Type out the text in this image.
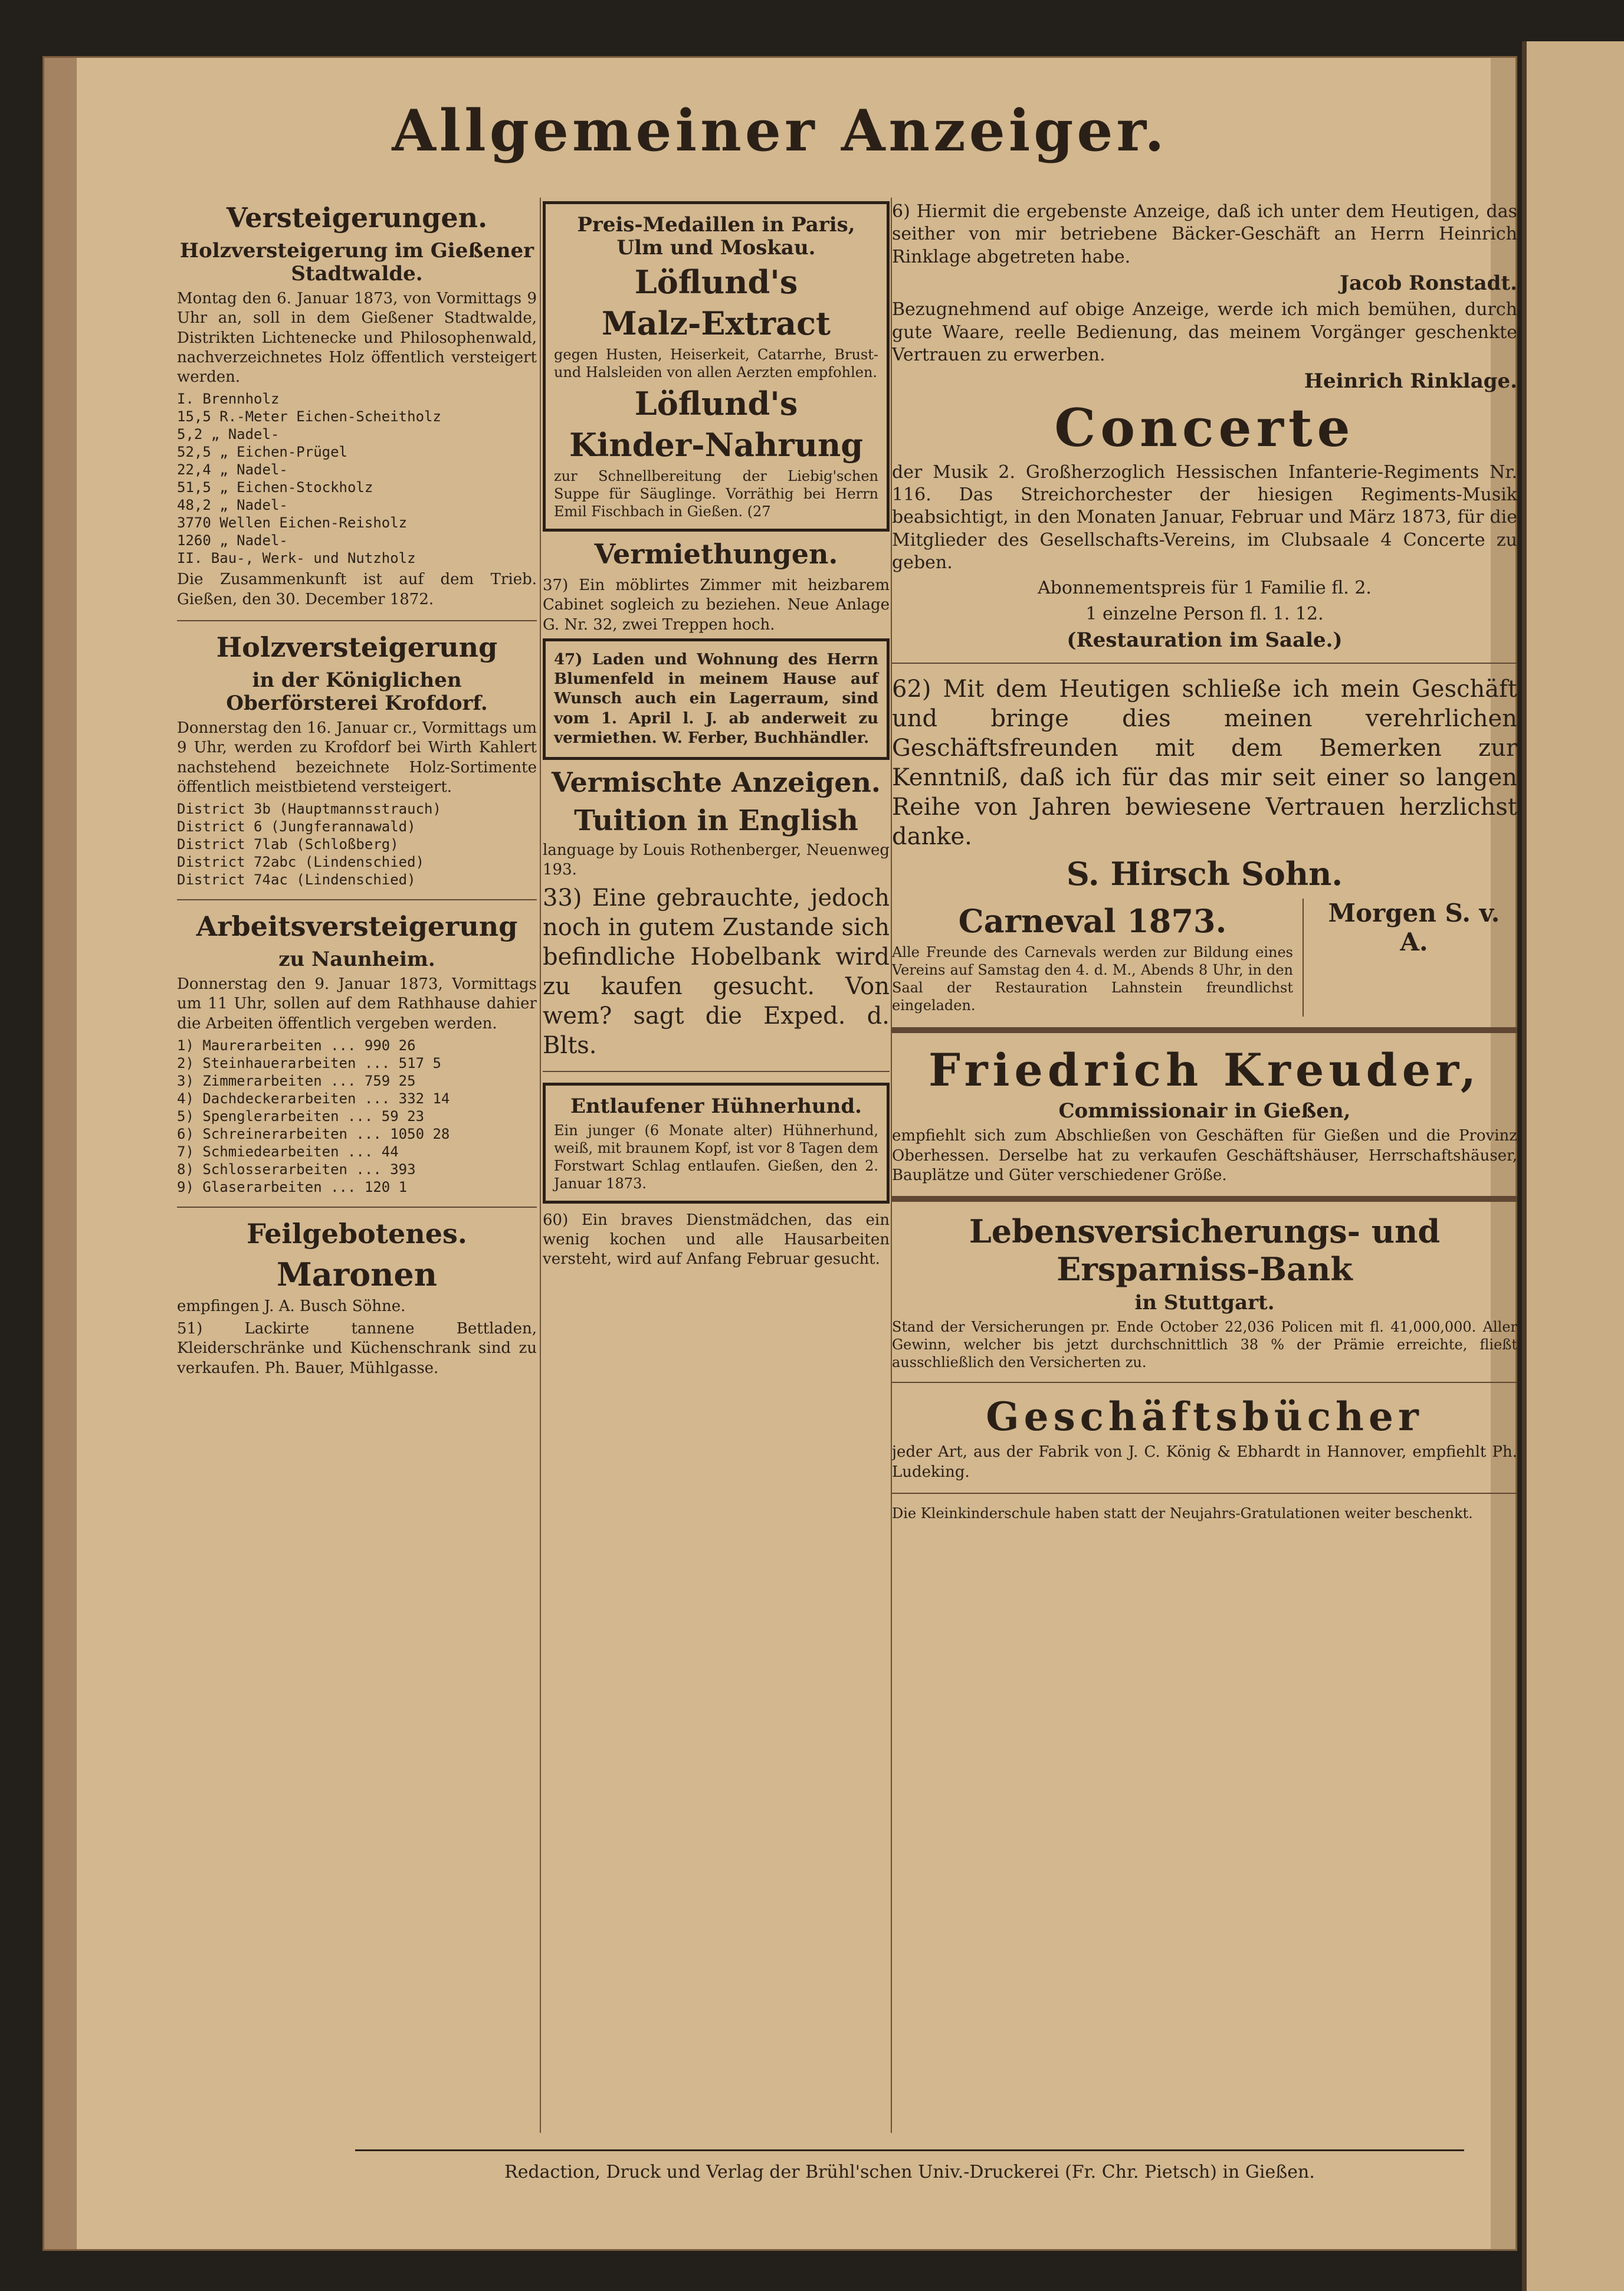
Allgemeiner Anzeiger.
Versteigerungen.
Holzversteigerung im Gießener Stadtwalde.
Montag den 6. Januar 1873, von Vormittags 9 Uhr an, soll in dem Gießener Stadtwalde, Distrikten Lichtenecke und Philosophenwald, nachverzeichnetes Holz öffentlich versteigert werden.
I. Brennholz
15,5 R.-Meter Eichen-Scheitholz
5,2 „ Nadel-
52,5 „ Eichen-Prügel
22,4 „ Nadel-
51,5 „ Eichen-Stockholz
48,2 „ Nadel-
3770 Wellen Eichen-Reisholz
1260 „ Nadel-
II. Bau-, Werk- und Nutzholz
Die Zusammenkunft ist auf dem Trieb. Gießen, den 30. December 1872.
Holzversteigerung
in der Königlichen Oberförsterei Krofdorf.
Donnerstag den 16. Januar cr., Vormittags um 9 Uhr, werden zu Krofdorf bei Wirth Kahlert nachstehend bezeichnete Holz-Sortimente öffentlich meistbietend versteigert.
District 3b (Hauptmannsstrauch)
District 6 (Jungferannawald)
District 7lab (Schloßberg)
District 72abc (Lindenschied)
District 74ac (Lindenschied)
Arbeitsversteigerung
zu Naunheim.
Donnerstag den 9. Januar 1873, Vormittags um 11 Uhr, sollen auf dem Rathhause dahier die Arbeiten öffentlich vergeben werden.
1) Maurerarbeiten ... 990 26
2) Steinhauerarbeiten ... 517 5
3) Zimmerarbeiten ... 759 25
4) Dachdeckerarbeiten ... 332 14
5) Spenglerarbeiten ... 59 23
6) Schreinerarbeiten ... 1050 28
7) Schmiedearbeiten ... 44
8) Schlosserarbeiten ... 393
9) Glaserarbeiten ... 120 1
Feilgebotenes.
Maronen
empfingen J. A. Busch Söhne.
51) Lackirte tannene Bettladen, Kleiderschränke und Küchenschrank sind zu verkaufen. Ph. Bauer, Mühlgasse.
Preis-Medaillen in Paris, Ulm und Moskau.
Löflund's
Malz-Extract
gegen Husten, Heiserkeit, Catarrhe, Brust- und Halsleiden von allen Aerzten empfohlen.
Löflund's
Kinder-Nahrung
zur Schnellbereitung der Liebig'schen Suppe für Säuglinge. Vorräthig bei Herrn Emil Fischbach in Gießen. (27
Vermiethungen.
37) Ein möblirtes Zimmer mit heizbarem Cabinet sogleich zu beziehen. Neue Anlage G. Nr. 32, zwei Treppen hoch.
47) Laden und Wohnung des Herrn Blumenfeld in meinem Hause auf Wunsch auch ein Lagerraum, sind vom 1. April l. J. ab anderweit zu vermiethen. W. Ferber, Buchhändler.
Vermischte Anzeigen.
Tuition in English
language by Louis Rothenberger, Neuenweg 193.
33) Eine gebrauchte, jedoch noch in gutem Zustande sich befindliche Hobelbank wird zu kaufen gesucht. Von wem? sagt die Exped. d. Blts.
Entlaufener Hühnerhund.
Ein junger (6 Monate alter) Hühnerhund, weiß, mit braunem Kopf, ist vor 8 Tagen dem Forstwart Schlag entlaufen. Gießen, den 2. Januar 1873.
60) Ein braves Dienstmädchen, das ein wenig kochen und alle Hausarbeiten versteht, wird auf Anfang Februar gesucht.
6) Hiermit die ergebenste Anzeige, daß ich unter dem Heutigen, das seither von mir betriebene Bäcker-Geschäft an Herrn Heinrich Rinklage abgetreten habe.
Jacob Ronstadt.
Bezugnehmend auf obige Anzeige, werde ich mich bemühen, durch gute Waare, reelle Bedienung, das meinem Vorgänger geschenkte Vertrauen zu erwerben.
Heinrich Rinklage.
Concerte
der Musik 2. Großherzoglich Hessischen Infanterie-Regiments Nr. 116. Das Streichorchester der hiesigen Regiments-Musik beabsichtigt, in den Monaten Januar, Februar und März 1873, für die Mitglieder des Gesellschafts-Vereins, im Clubsaale 4 Concerte zu geben.
Abonnementspreis für 1 Familie fl. 2.
1 einzelne Person fl. 1. 12.
(Restauration im Saale.)
62) Mit dem Heutigen schließe ich mein Geschäft und bringe dies meinen verehrlichen Geschäftsfreunden mit dem Bemerken zur Kenntniß, daß ich für das mir seit einer so langen Reihe von Jahren bewiesene Vertrauen herzlichst danke.
S. Hirsch Sohn.
Carneval 1873.
Alle Freunde des Carnevals werden zur Bildung eines Vereins auf Samstag den 4. d. M., Abends 8 Uhr, in den Saal der Restauration Lahnstein freundlichst eingeladen.
Morgen S. v. A.
Friedrich Kreuder,
Commissionair in Gießen,
empfiehlt sich zum Abschließen von Geschäften für Gießen und die Provinz Oberhessen. Derselbe hat zu verkaufen Geschäftshäuser, Herrschaftshäuser, Bauplätze und Güter verschiedener Größe.
Lebensversicherungs- und Ersparniss-Bank
in Stuttgart.
Stand der Versicherungen pr. Ende October 22,036 Policen mit fl. 41,000,000. Aller Gewinn, welcher bis jetzt durchschnittlich 38 % der Prämie erreichte, fließt ausschließlich den Versicherten zu.
Geschäftsbücher
jeder Art, aus der Fabrik von J. C. König & Ebhardt in Hannover, empfiehlt Ph. Ludeking.
Die Kleinkinderschule haben statt der Neujahrs-Gratulationen weiter beschenkt.
Redaction, Druck und Verlag der Brühl'schen Univ.-Druckerei (Fr. Chr. Pietsch) in Gießen.
